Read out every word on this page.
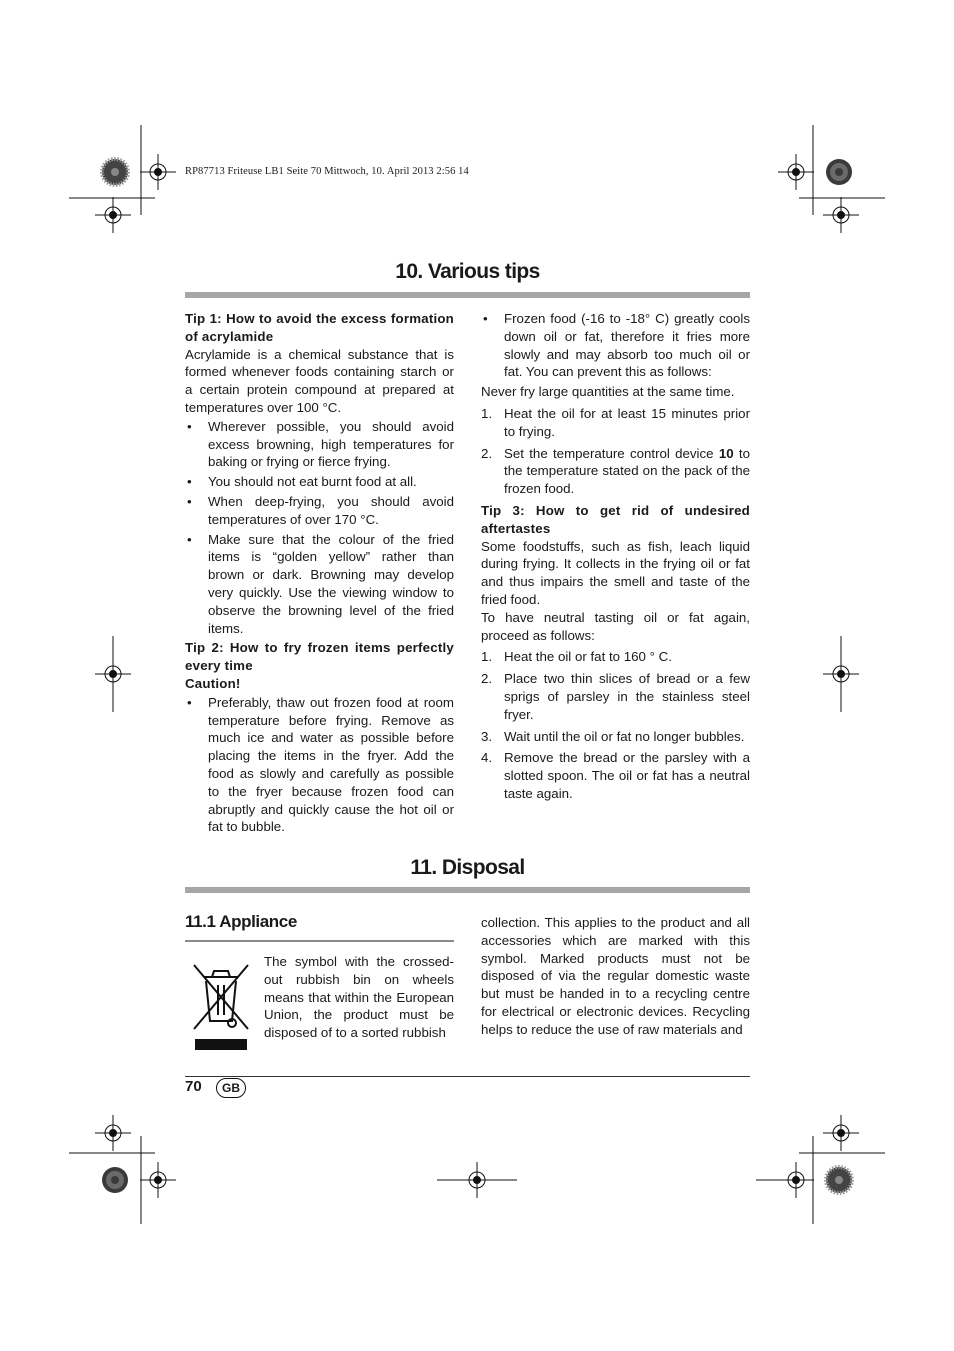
RP87713 Friteuse LB1 Seite 70 Mittwoch, 10. April 2013 2:56 14
10. Various tips

Tip 1: How to avoid the excess formation of acrylamide

Acrylamide is a chemical substance that is formed whenever foods containing starch or a certain protein compound at prepared at temperatures over 100 °C.

• Wherever possible, you should avoid excess browning, high temperatures for baking or frying or fierce frying.
• You should not eat burnt food at all.
• When deep-frying, you should avoid temperatures of over 170 °C.
• Make sure that the colour of the fried items is “golden yellow” rather than brown or dark. Browning may develop very quickly. Use the viewing window to observe the browning level of the fried items.

Tip 2: How to fry frozen items perfectly every time

Caution!

• Preferably, thaw out frozen food at room temperature before frying. Remove as much ice and water as possible before placing the items in the fryer. Add the food as slowly and carefully as possible to the fryer because frozen food can abruptly and quickly cause the hot oil or fat to bubble.
• Frozen food (-16 to -18° C) greatly cools down oil or fat, therefore it fries more slowly and may absorb too much oil or fat. You can prevent this as follows:

Never fry large quantities at the same time.

1. Heat the oil for at least 15 minutes prior to frying.
2. Set the temperature control device 10 to the temperature stated on the pack of the frozen food.

Tip 3: How to get rid of undesired aftertastes

Some foodstuffs, such as fish, leach liquid during frying. It collects in the frying oil or fat and thus impairs the smell and taste of the fried food.

To have neutral tasting oil or fat again, proceed as follows:

1. Heat the oil or fat to 160 ° C.
2. Place two thin slices of bread or a few sprigs of parsley in the stainless steel fryer.
3. Wait until the oil or fat no longer bubbles.
4. Remove the bread or the parsley with a slotted spoon. The oil or fat has a neutral taste again.
11. Disposal
11.1 Appliance
The symbol with the crossed-out rubbish bin on wheels means that within the European Union, the product must be disposed of to a sorted rubbish

collection. This applies to the product and all accessories which are marked with this symbol. Marked products must not be disposed of via the regular domestic waste but must be handed in to a recycling centre for electrical or electronic devices. Recycling helps to reduce the use of raw materials and

70	GB
